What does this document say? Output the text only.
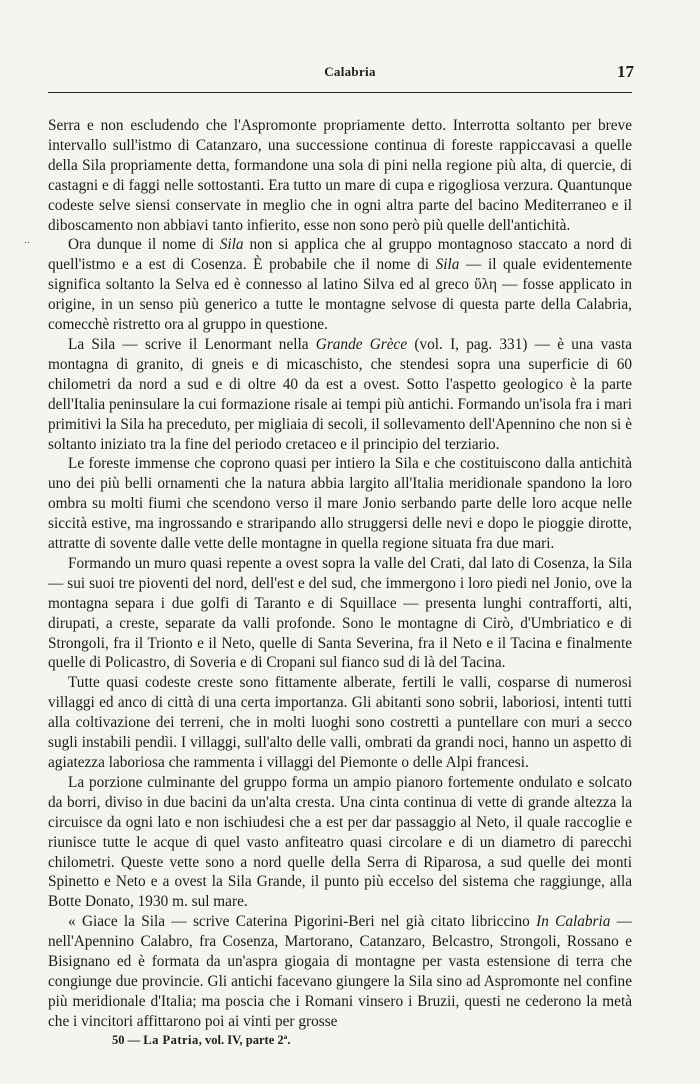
Calabria	17
..

Serra e non escludendo che l'Aspromonte propriamente detto. Interrotta soltanto per breve intervallo sull'istmo di Catanzaro, una successione continua di foreste rappiccavasi a quelle della Sila propriamente detta, formandone una sola di pini nella regione più alta, di quercie, di castagni e di faggi nelle sottostanti. Era tutto un mare di cupa e rigogliosa verzura. Quantunque codeste selve siensi conservate in meglio che in ogni altra parte del bacino Mediterraneo e il diboscamento non abbiavi tanto infierito, esse non sono però più quelle dell'antichità.

Ora dunque il nome di Sila non si applica che al gruppo montagnoso staccato a nord di quell'istmo e a est di Cosenza. È probabile che il nome di Sila — il quale evidentemente significa soltanto la Selva ed è connesso al latino Silva ed al greco ὕλη — fosse applicato in origine, in un senso più generico a tutte le montagne selvose di questa parte della Calabria, comecchè ristretto ora al gruppo in questione.

La Sila — scrive il Lenormant nella Grande Grèce (vol. I, pag. 331) — è una vasta montagna di granito, di gneis e di micaschisto, che stendesi sopra una superficie di 60 chilometri da nord a sud e di oltre 40 da est a ovest. Sotto l'aspetto geologico è la parte dell'Italia peninsulare la cui formazione risale ai tempi più antichi. Formando un'isola fra i mari primitivi la Sila ha preceduto, per migliaia di secoli, il sollevamento dell'Apennino che non si è soltanto iniziato tra la fine del periodo cretaceo e il principio del terziario.

Le foreste immense che coprono quasi per intiero la Sila e che costituiscono dalla antichità uno dei più belli ornamenti che la natura abbia largito all'Italia meridionale spandono la loro ombra su molti fiumi che scendono verso il mare Jonio serbando parte delle loro acque nelle siccità estive, ma ingrossando e straripando allo struggersi delle nevi e dopo le pioggie dirotte, attratte di sovente dalle vette delle montagne in quella regione situata fra due mari.

Formando un muro quasi repente a ovest sopra la valle del Crati, dal lato di Cosenza, la Sila — sui suoi tre pioventi del nord, dell'est e del sud, che immergono i loro piedi nel Jonio, ove la montagna separa i due golfi di Taranto e di Squillace — presenta lunghi contrafforti, alti, dirupati, a creste, separate da valli profonde. Sono le montagne di Cirò, d'Umbriatico e di Strongoli, fra il Trionto e il Neto, quelle di Santa Severina, fra il Neto e il Tacina e finalmente quelle di Policastro, di Soveria e di Cropani sul fianco sud di là del Tacina.

Tutte quasi codeste creste sono fittamente alberate, fertili le valli, cosparse di numerosi villaggi ed anco di città di una certa importanza. Gli abitanti sono sobrii, laboriosi, intenti tutti alla coltivazione dei terreni, che in molti luoghi sono costretti a puntellare con muri a secco sugli instabili pendìi. I villaggi, sull'alto delle valli, ombrati da grandi noci, hanno un aspetto di agiatezza laboriosa che rammenta i villaggi del Piemonte o delle Alpi francesi.

La porzione culminante del gruppo forma un ampio pianoro fortemente ondulato e solcato da borri, diviso in due bacini da un'alta cresta. Una cinta continua di vette di grande altezza la circuisce da ogni lato e non ischiudesi che a est per dar passaggio al Neto, il quale raccoglie e riunisce tutte le acque di quel vasto anfiteatro quasi circolare e di un diametro di parecchi chilometri. Queste vette sono a nord quelle della Serra di Riparosa, a sud quelle dei monti Spinetto e Neto e a ovest la Sila Grande, il punto più eccelso del sistema che raggiunge, alla Botte Donato, 1930 m. sul mare.

« Giace la Sila — scrive Caterina Pigorini-Beri nel già citato libriccino In Calabria — nell'Apennino Calabro, fra Cosenza, Martorano, Catanzaro, Belcastro, Strongoli, Rossano e Bisignano ed è formata da un'aspra giogaia di montagne per vasta estensione di terra che congiunge due provincie. Gli antichi facevano giungere la Sila sino ad Aspromonte nel confine più meridionale d'Italia; ma poscia che i Romani vinsero i Bruzii, questi ne cederono la metà che i vincitori affittarono poi ai vinti per grosse

50 — La Patria, vol. IV, parte 2ª.
